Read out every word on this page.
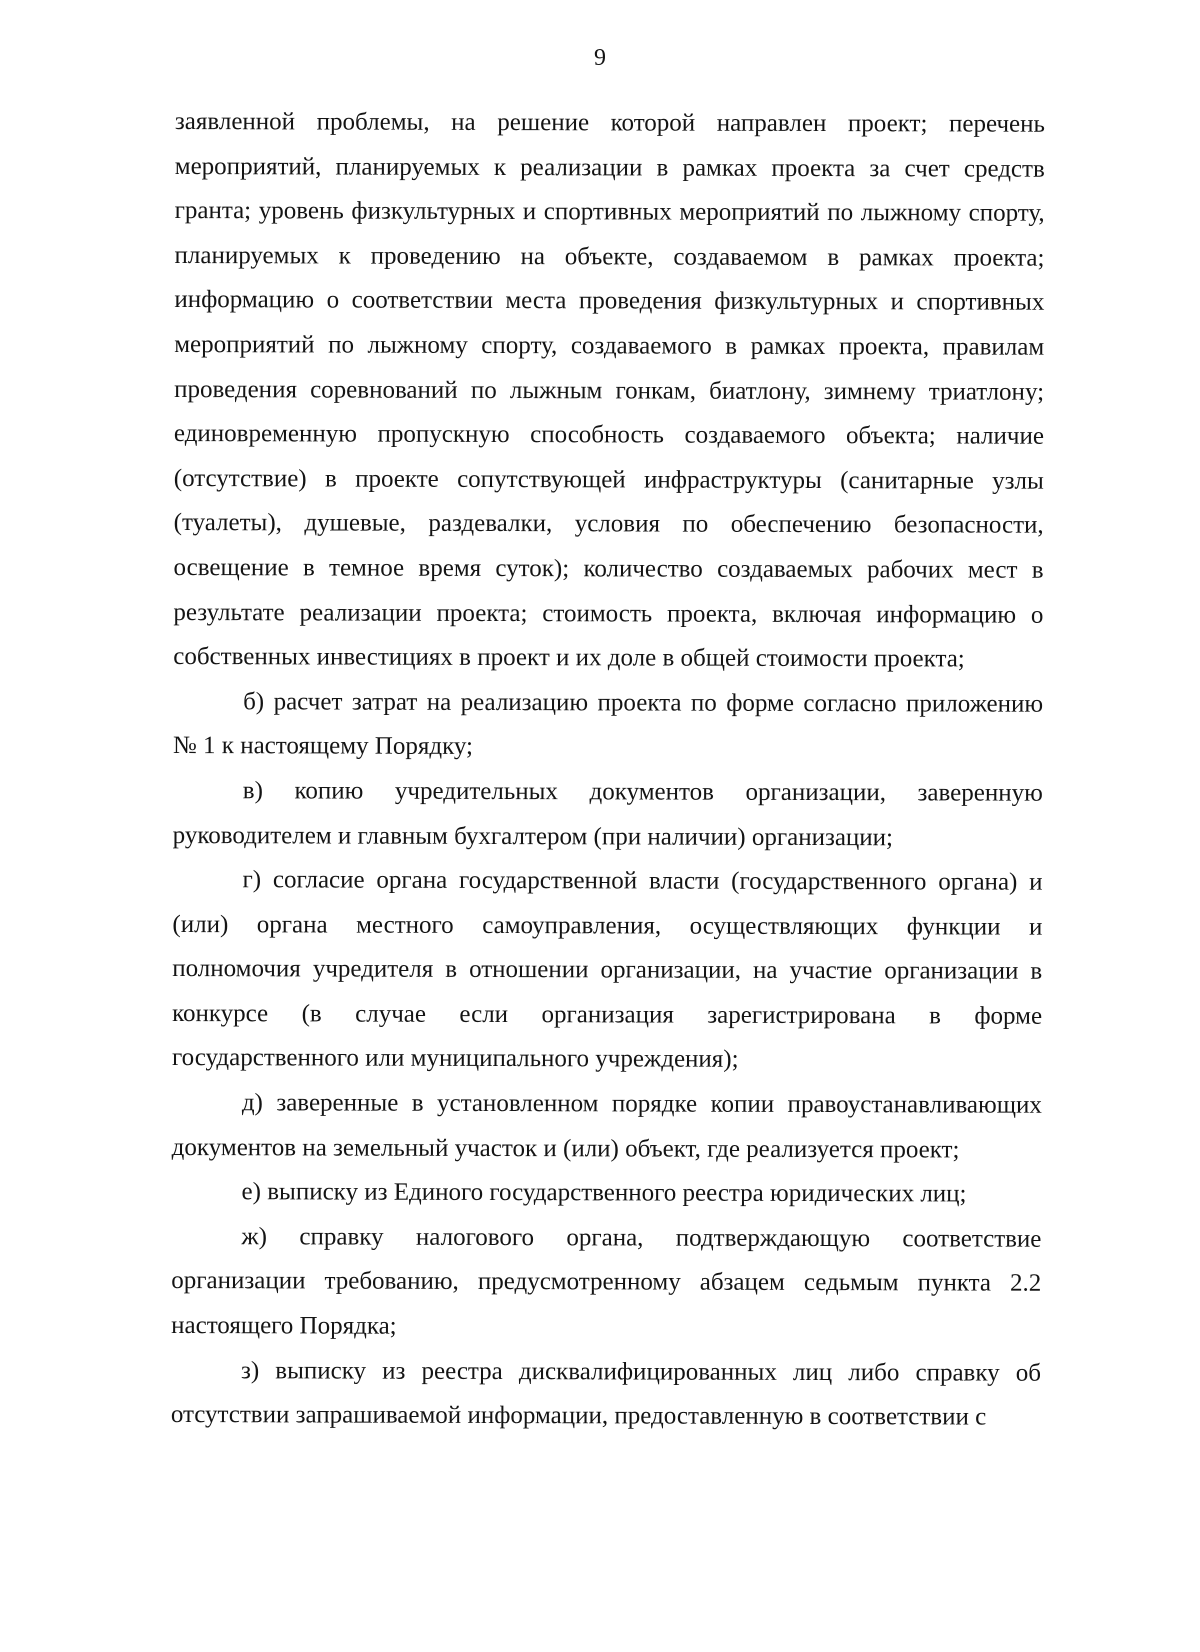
9

заявленной проблемы, на решение которой направлен проект; перечень мероприятий, планируемых к реализации в рамках проекта за счет средств гранта; уровень физкультурных и спортивных мероприятий по лыжному спорту, планируемых к проведению на объекте, создаваемом в рамках проекта; информацию о соответствии места проведения физкультурных и спортивных мероприятий по лыжному спорту, создаваемого в рамках проекта, правилам проведения соревнований по лыжным гонкам, биатлону, зимнему триатлону; единовременную пропускную способность создаваемого объекта; наличие (отсутствие) в проекте сопутствующей инфраструктуры (санитарные узлы (туалеты), душевые, раздевалки, условия по обеспечению безопасности, освещение в темное время суток); количество создаваемых рабочих мест в результате реализации проекта; стоимость проекта, включая информацию о собственных инвестициях в проект и их доле в общей стоимости проекта;

б) расчет затрат на реализацию проекта по форме согласно приложению № 1 к настоящему Порядку;

в) копию учредительных документов организации, заверенную руководителем и главным бухгалтером (при наличии) организации;

г) согласие органа государственной власти (государственного органа) и (или) органа местного самоуправления, осуществляющих функции и полномочия учредителя в отношении организации, на участие организации в конкурсе (в случае если организация зарегистрирована в форме государственного или муниципального учреждения);

д) заверенные в установленном порядке копии правоустанавливающих документов на земельный участок и (или) объект, где реализуется проект;

е) выписку из Единого государственного реестра юридических лиц;

ж) справку налогового органа, подтверждающую соответствие организации требованию, предусмотренному абзацем седьмым пункта 2.2 настоящего Порядка;

з) выписку из реестра дисквалифицированных лиц либо справку об отсутствии запрашиваемой информации, предоставленную в соответствии с
